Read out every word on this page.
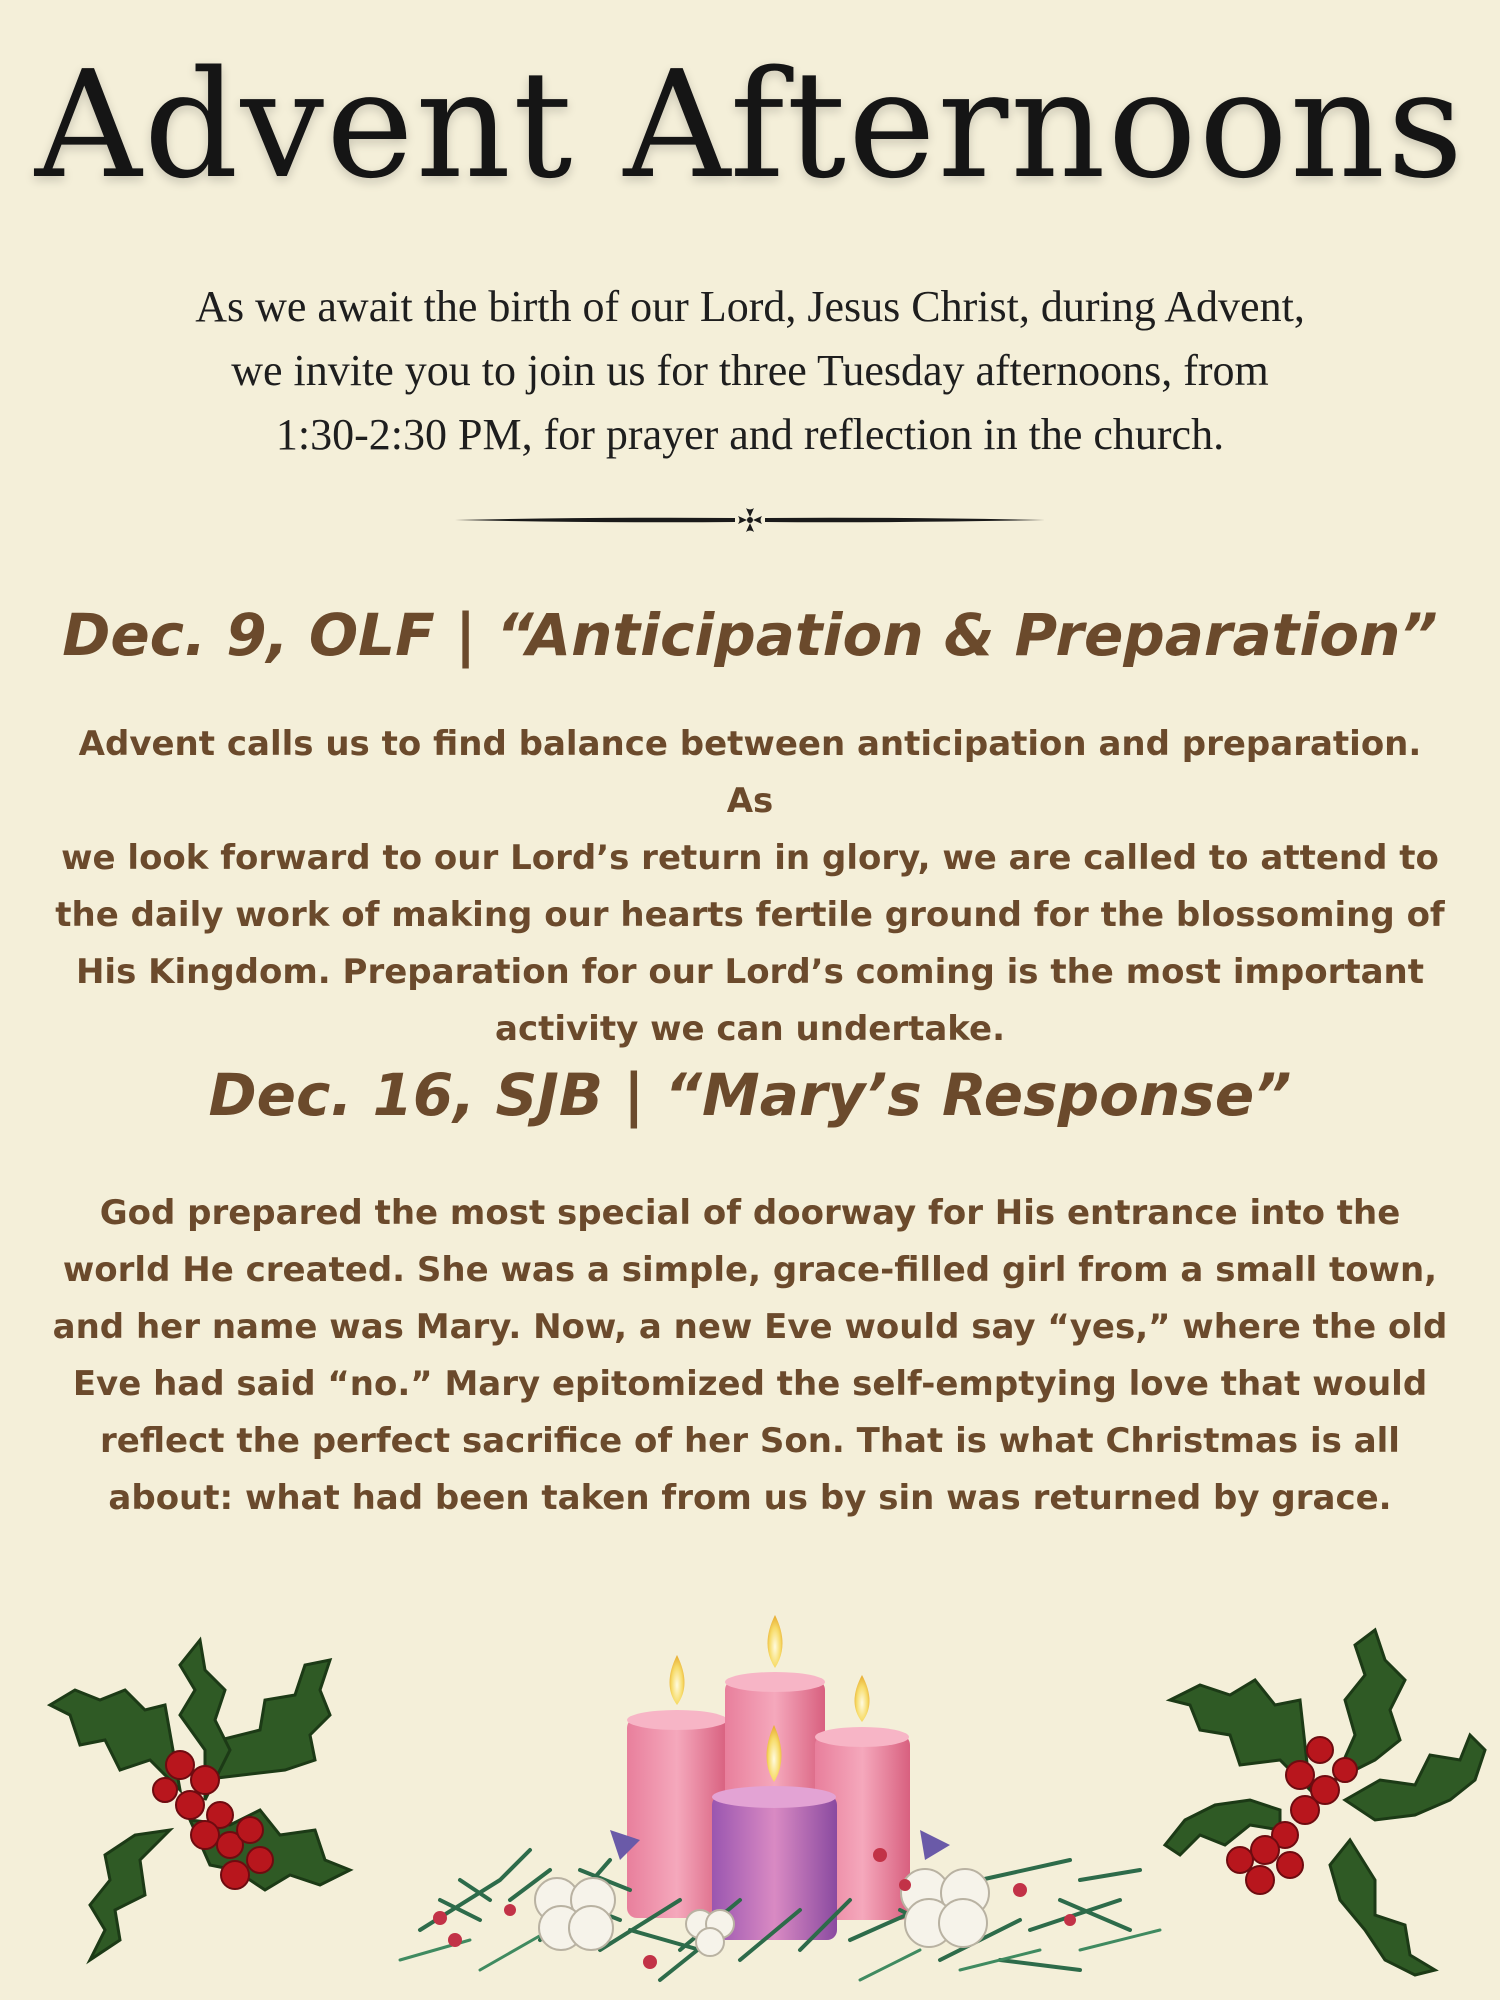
Advent Afternoons
As we await the birth of our Lord, Jesus Christ, during Advent,
we invite you to join us for three Tuesday afternoons, from
1:30-2:30 PM, for prayer and reflection in the church.
Dec. 9, OLF | “Anticipation & Preparation”
Advent calls us to find balance between anticipation and preparation. As
we look forward to our Lord’s return in glory, we are called to attend to
the daily work of making our hearts fertile ground for the blossoming of
His Kingdom. Preparation for our Lord’s coming is the most important
activity we can undertake.
Dec. 16, SJB | “Mary’s Response”
God prepared the most special of doorway for His entrance into the
world He created. She was a simple, grace-filled girl from a small town,
and her name was Mary. Now, a new Eve would say “yes,” where the old
Eve had said “no.” Mary epitomized the self-emptying love that would
reflect the perfect sacrifice of her Son. That is what Christmas is all
about: what had been taken from us by sin was returned by grace.
